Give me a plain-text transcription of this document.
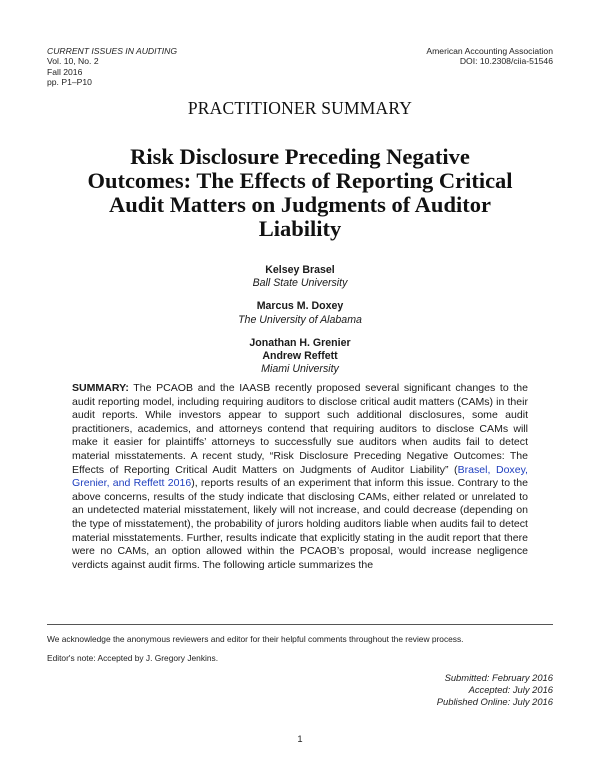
CURRENT ISSUES IN AUDITING
Vol. 10, No. 2
Fall 2016
pp. P1–P10
American Accounting Association
DOI: 10.2308/ciia-51546
PRACTITIONER SUMMARY
Risk Disclosure Preceding Negative Outcomes: The Effects of Reporting Critical Audit Matters on Judgments of Auditor Liability
Kelsey Brasel
Ball State University
Marcus M. Doxey
The University of Alabama
Jonathan H. Grenier
Andrew Reffett
Miami University
SUMMARY: The PCAOB and the IAASB recently proposed several significant changes to the audit reporting model, including requiring auditors to disclose critical audit matters (CAMs) in their audit reports. While investors appear to support such additional disclosures, some audit practitioners, academics, and attorneys contend that requiring auditors to disclose CAMs will make it easier for plaintiffs’ attorneys to successfully sue auditors when audits fail to detect material misstatements. A recent study, “Risk Disclosure Preceding Negative Outcomes: The Effects of Reporting Critical Audit Matters on Judgments of Auditor Liability” (Brasel, Doxey, Grenier, and Reffett 2016), reports results of an experiment that inform this issue. Contrary to the above concerns, results of the study indicate that disclosing CAMs, either related or unrelated to an undetected material misstatement, likely will not increase, and could decrease (depending on the type of misstatement), the probability of jurors holding auditors liable when audits fail to detect material misstatements. Further, results indicate that explicitly stating in the audit report that there were no CAMs, an option allowed within the PCAOB’s proposal, would increase negligence verdicts against audit firms. The following article summarizes the
We acknowledge the anonymous reviewers and editor for their helpful comments throughout the review process.
Editor's note: Accepted by J. Gregory Jenkins.
Submitted: February 2016
Accepted: July 2016
Published Online: July 2016
1
